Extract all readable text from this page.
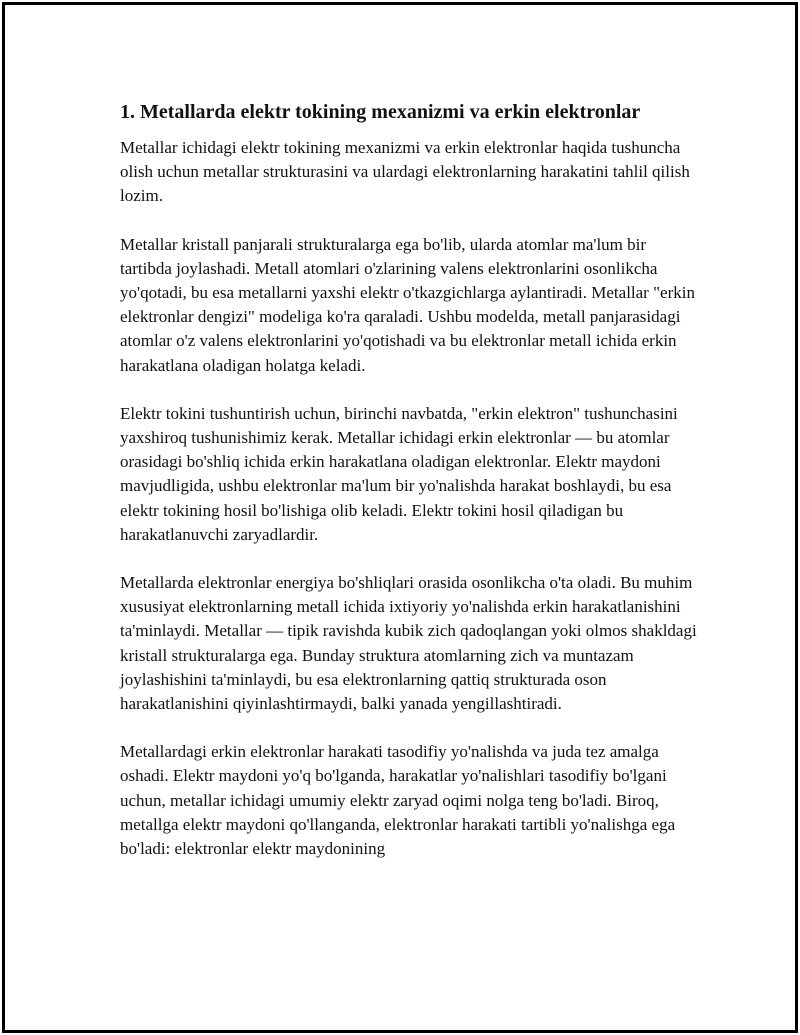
1. Metallarda elektr tokining mexanizmi va erkin elektronlar

Metallar ichidagi elektr tokining mexanizmi va erkin elektronlar haqida tushuncha olish uchun metallar strukturasini va ulardagi elektronlarning harakatini tahlil qilish lozim.

Metallar kristall panjarali strukturalarga ega bo'lib, ularda atomlar ma'lum bir tartibda joylashadi. Metall atomlari o'zlarining valens elektronlarini osonlikcha yo'qotadi, bu esa metallarni yaxshi elektr o'tkazgichlarga aylantiradi. Metallar "erkin elektronlar dengizi" modeliga ko'ra qaraladi. Ushbu modelda, metall panjarasidagi atomlar o'z valens elektronlarini yo'qotishadi va bu elektronlar metall ichida erkin harakatlana oladigan holatga keladi.

Elektr tokini tushuntirish uchun, birinchi navbatda, "erkin elektron" tushunchasini yaxshiroq tushunishimiz kerak. Metallar ichidagi erkin elektronlar — bu atomlar orasidagi bo'shliq ichida erkin harakatlana oladigan elektronlar. Elektr maydoni mavjudligida, ushbu elektronlar ma'lum bir yo'nalishda harakat boshlaydi, bu esa elektr tokining hosil bo'lishiga olib keladi. Elektr tokini hosil qiladigan bu harakatlanuvchi zaryadlardir.

Metallarda elektronlar energiya bo'shliqlari orasida osonlikcha o'ta oladi. Bu muhim xususiyat elektronlarning metall ichida ixtiyoriy yo'nalishda erkin harakatlanishini ta'minlaydi. Metallar — tipik ravishda kubik zich qadoqlangan yoki olmos shakldagi kristall strukturalarga ega. Bunday struktura atomlarning zich va muntazam joylashishini ta'minlaydi, bu esa elektronlarning qattiq strukturada oson harakatlanishini qiyinlashtirmaydi, balki yanada yengillashtiradi.

Metallardagi erkin elektronlar harakati tasodifiy yo'nalishda va juda tez amalga oshadi. Elektr maydoni yo'q bo'lganda, harakatlar yo'nalishlari tasodifiy bo'lgani uchun, metallar ichidagi umumiy elektr zaryad oqimi nolga teng bo'ladi. Biroq, metallga elektr maydoni qo'llanganda, elektronlar harakati tartibli yo'nalishga ega bo'ladi: elektronlar elektr maydonining
